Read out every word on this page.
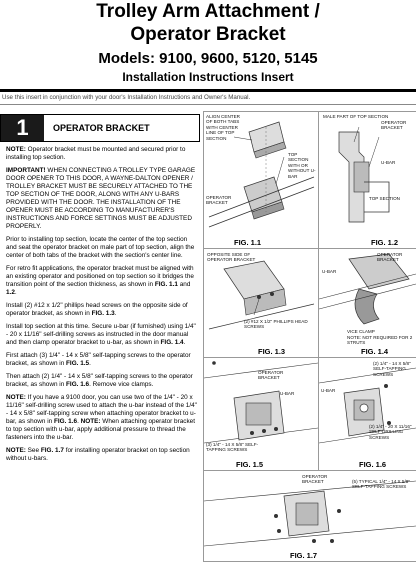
Trolley Arm Attachment /
Operator Bracket
Models: 9100, 9600, 5120, 5145
Installation Instructions Insert
Use this insert in conjunction with your door's Installation Instructions and Owner's Manual.
1	OPERATOR BRACKET

NOTE: Operator bracket must be mounted and secured prior to installing top section.

IMPORTANT! WHEN CONNECTING A TROLLEY TYPE GARAGE DOOR OPENER TO THIS DOOR, A WAYNE-DALTON OPENER / TROLLEY BRACKET MUST BE SECURELY ATTACHED TO THE TOP SECTION OF THE DOOR, ALONG WITH ANY U-BARS PROVIDED WITH THE DOOR. THE INSTALLATION OF THE OPENER MUST BE ACCORDING TO MANUFACTURER'S INSTRUCTIONS AND FORCE SETTINGS MUST BE ADJUSTED PROPERLY.

Prior to installing top section, locate the center of the top section and seat the operator bracket on male part of top section, align the center of both tabs of the bracket with the section's center line.

For retro fit applications, the operator bracket must be aligned with an existing operator and positioned on top section so it bridges the transition point of the section thickness, as shown in FIG. 1.1 and 1.2.

Install (2) #12 x 1/2" phillips head screws on the opposite side of operator bracket, as shown in FIG. 1.3.

Install top section at this time. Secure u-bar (if furnished) using 1/4" - 20 x 11/16" self-drilling screws as instructed in the door manual and then clamp operator bracket to u-bar, as shown in FIG. 1.4.

First attach (3) 1/4" - 14 x 5/8" self-tapping screws to the operator bracket, as shown in FIG. 1.5.

Then attach (2) 1/4" - 14 x 5/8" self-tapping screws to the operator bracket, as shown in FIG. 1.6. Remove vice clamps.

NOTE: If you have a 9100 door, you can use two of the 1/4" - 20 x 11/16" self-drilling screw used to attach the u-bar instead of the 1/4" - 14 x 5/8" self-tapping screw when attaching operator bracket to u-bar, as shown in FIG. 1.6. NOTE: When attaching operator bracket to top section with u-bar, apply additional pressure to thread the fasteners into the u-bar.

NOTE: See FIG. 1.7 for installing operator bracket on top section without u-bars.

ALIGN CENTER OF BOTH TABS WITH CENTER LINE OF TOP SECTION
TOP SECTION WITH OR WITHOUT U-BAR
OPERATOR BRACKET
FIG. 1.1
MALE PART OF TOP SECTION
OPERATOR BRACKET
U-BAR
TOP SECTION
FIG. 1.2
OPPOSITE SIDE OF OPERATOR BRACKET
(2) #12 X 1/2" PHILLIPS HEAD SCREWS
FIG. 1.3
OPERATOR BRACKET
U-BAR
VICE CLAMP
NOTE: NOT REQUIRED FOR 2 STRUTS
FIG. 1.4
OPERATOR BRACKET
U-BAR
(3) 1/4" - 14 X 5/8" SELF-TAPPING SCREWS
FIG. 1.5
(2) 1/4" - 14 X 5/8" SELF-TAPPING SCREWS
U-BAR
(2) 1/4" - 20 X 11/16" SELF-DRILLING SCREWS
FIG. 1.6
OPERATOR BRACKET	(5) TYPICAL 1/4" - 14 X 5/8" SELF-TAPPING SCREWS
FIG. 1.7
